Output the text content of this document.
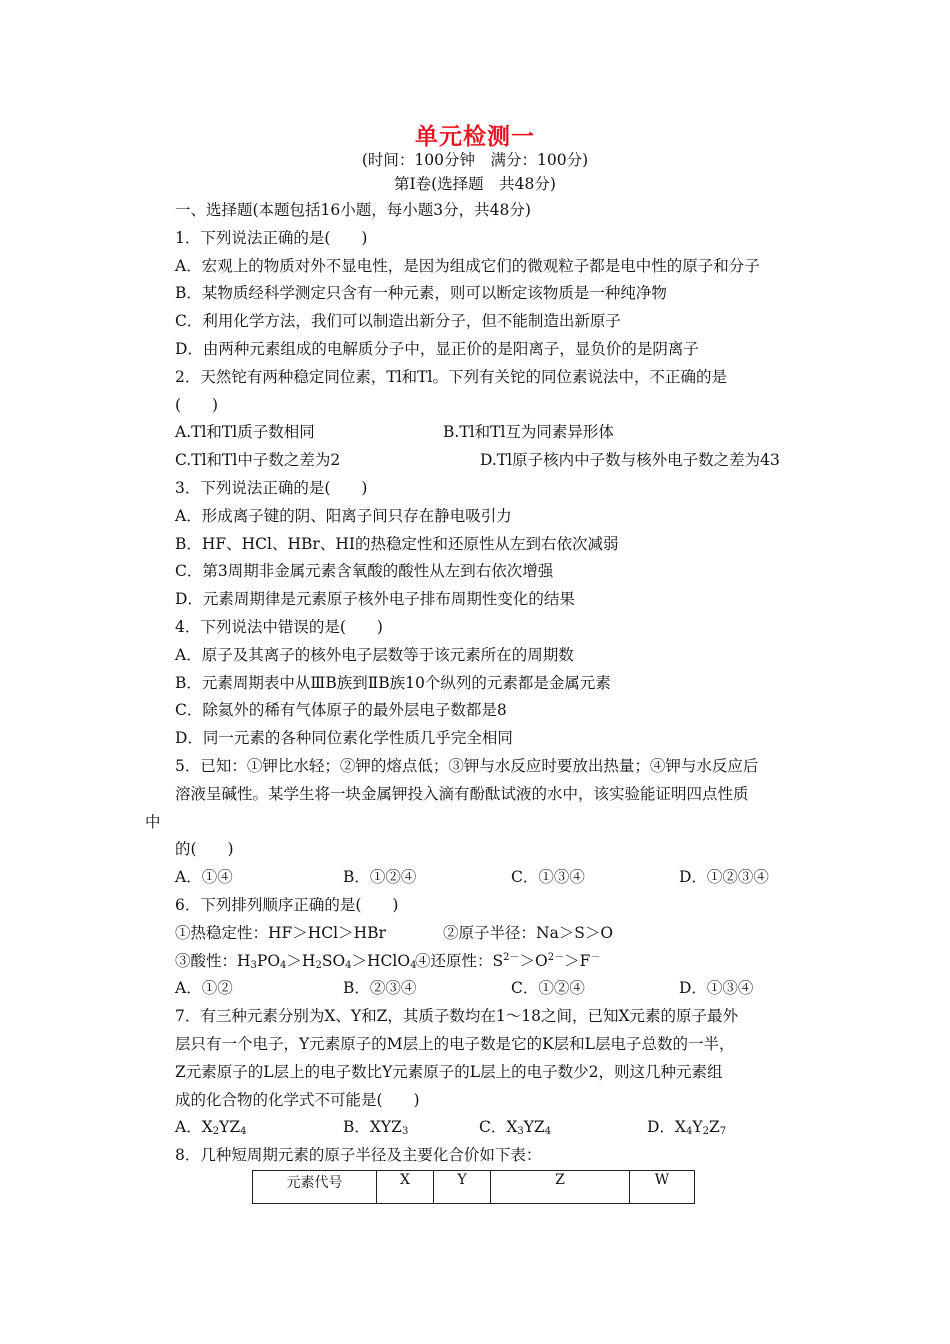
单元检测一
(时间：100分钟　满分：100分)
第Ⅰ卷(选择题　共48分)
一、选择题(本题包括16小题，每小题3分，共48分)
1．下列说法正确的是(　　)
A．宏观上的物质对外不显电性，是因为组成它们的微观粒子都是电中性的原子和分子
B．某物质经科学测定只含有一种元素，则可以断定该物质是一种纯净物
C．利用化学方法，我们可以制造出新分子，但不能制造出新原子
D．由两种元素组成的电解质分子中，显正价的是阳离子，显负价的是阴离子
2．天然铊有两种稳定同位素，Tl和Tl。下列有关铊的同位素说法中，不正确的是
(　　)
A.Tl和Tl质子数相同	B.Tl和Tl互为同素异形体
C.Tl和Tl中子数之差为2	D.Tl原子核内中子数与核外电子数之差为43
3．下列说法正确的是(　　)
A．形成离子键的阴、阳离子间只存在静电吸引力
B．HF、HCl、HBr、HI的热稳定性和还原性从左到右依次减弱
C．第3周期非金属元素含氧酸的酸性从左到右依次增强
D．元素周期律是元素原子核外电子排布周期性变化的结果
4．下列说法中错误的是(　　)
A．原子及其离子的核外电子层数等于该元素所在的周期数
B．元素周期表中从ⅢB族到ⅡB族10个纵列的元素都是金属元素
C．除氦外的稀有气体原子的最外层电子数都是8
D．同一元素的各种同位素化学性质几乎完全相同
5．已知：①钾比水轻；②钾的熔点低；③钾与水反应时要放出热量；④钾与水反应后
溶液呈碱性。某学生将一块金属钾投入滴有酚酞试液的水中，该实验能证明四点性质
中
的(　　)
A．①④	B．①②④	C．①③④	D．①②③④
6．下列排列顺序正确的是(　　)
①热稳定性：HF＞HCl＞HBr	②原子半径：Na＞S＞O
③酸性：$H_3PO_4>H_2SO_4>HClO_4$
④还原性：$S^{2-}>O^{2-}>F^-$
A．①②	B．②③④	C．①②④	D．①③④
7．有三种元素分别为X、Y和Z，其质子数均在1～18之间，已知X元素的原子最外
层只有一个电子，Y元素原子的M层上的电子数是它的K层和L层电子总数的一半，
Z元素原子的L层上的电子数比Y元素原子的L层上的电子数少2，则这几种元素组
成的化合物的化学式不可能是(　　)
A．$X_2YZ_4$	B．$XYZ_3$	C．$X_3YZ_4$	D．$X_4Y_2Z_7$
8．几种短周期元素的原子半径及主要化合价如下表：
元素代号	X	Y	Z	W
